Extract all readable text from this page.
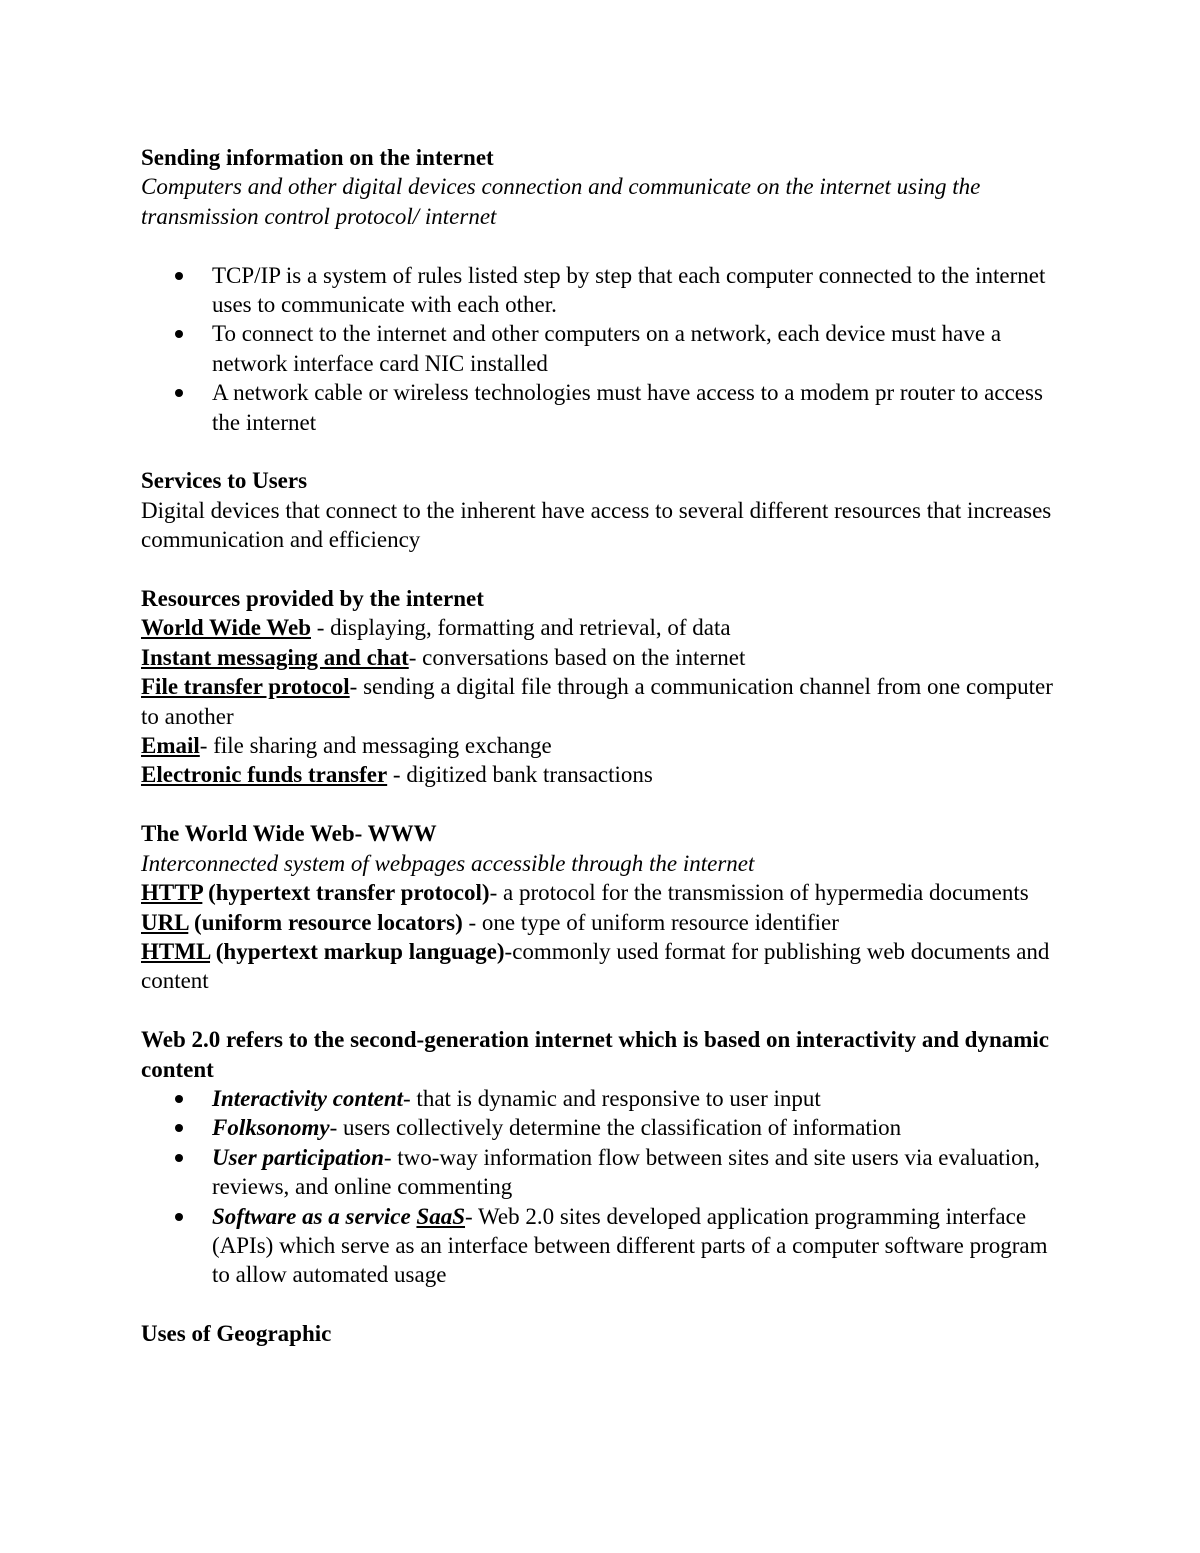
Sending information on the internet

Computers and other digital devices connection and communicate on the internet using the transmission control protocol/ internet

TCP/IP is a system of rules listed step by step that each computer connected to the internet uses to communicate with each other.
To connect to the internet and other computers on a network, each device must have a network interface card NIC installed
A network cable or wireless technologies must have access to a modem pr router to access the internet

Services to Users

Digital devices that connect to the inherent have access to several different resources that increases communication and efficiency

Resources provided by the internet

World Wide Web - displaying, formatting and retrieval, of data

Instant messaging and chat- conversations based on the internet

File transfer protocol- sending a digital file through a communication channel from one computer to another

Email- file sharing and messaging exchange

Electronic funds transfer - digitized bank transactions

The World Wide Web- WWW

Interconnected system of webpages accessible through the internet

HTTP (hypertext transfer protocol)- a protocol for the transmission of hypermedia documents

URL (uniform resource locators) - one type of uniform resource identifier

HTML (hypertext markup language)-commonly used format for publishing web documents and content

Web 2.0 refers to the second-generation internet which is based on interactivity and dynamic content

Interactivity content- that is dynamic and responsive to user input
Folksonomy- users collectively determine the classification of information
User participation- two-way information flow between sites and site users via evaluation, reviews, and online commenting
Software as a service SaaS- Web 2.0 sites developed application programming interface (APIs) which serve as an interface between different parts of a computer software program to allow automated usage

Uses of Geographic
